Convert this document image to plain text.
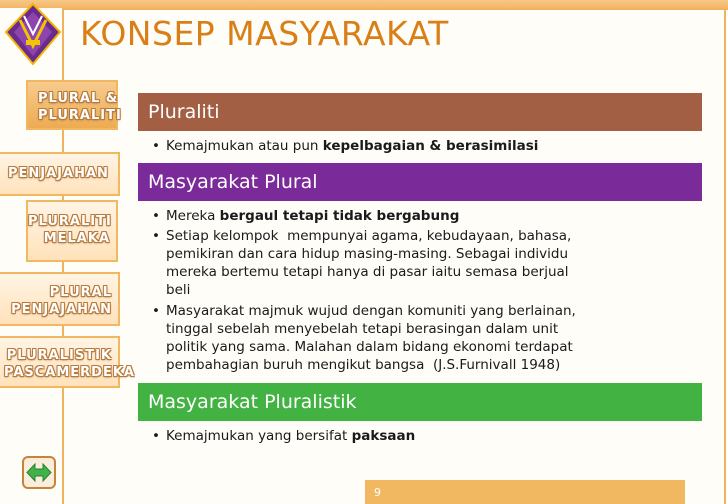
KONSEP MASYARAKAT
PLURAL &
PLURALITI
PENJAJAHAN
PLURALITI
MELAKA
PLURAL
PENJAJAHAN
PLURALISTIK
PASCAMERDEKA
Pluraliti
• Kemajmukan atau pun kepelbagaian & berasimilasi
Masyarakat Plural
• Mereka bergaul tetapi tidak bergabung
• Setiap kelompok  mempunyai agama, kebudayaan, bahasa,
pemikiran dan cara hidup masing-masing. Sebagai individu
mereka bertemu tetapi hanya di pasar iaitu semasa berjual
beli
• Masyarakat majmuk wujud dengan komuniti yang berlainan,
tinggal sebelah menyebelah tetapi berasingan dalam unit
politik yang sama. Malahan dalam bidang ekonomi terdapat
pembahagian buruh mengikut bangsa  (J.S.Furnivall 1948)
Masyarakat Pluralistik
• Kemajmukan yang bersifat paksaan
9
